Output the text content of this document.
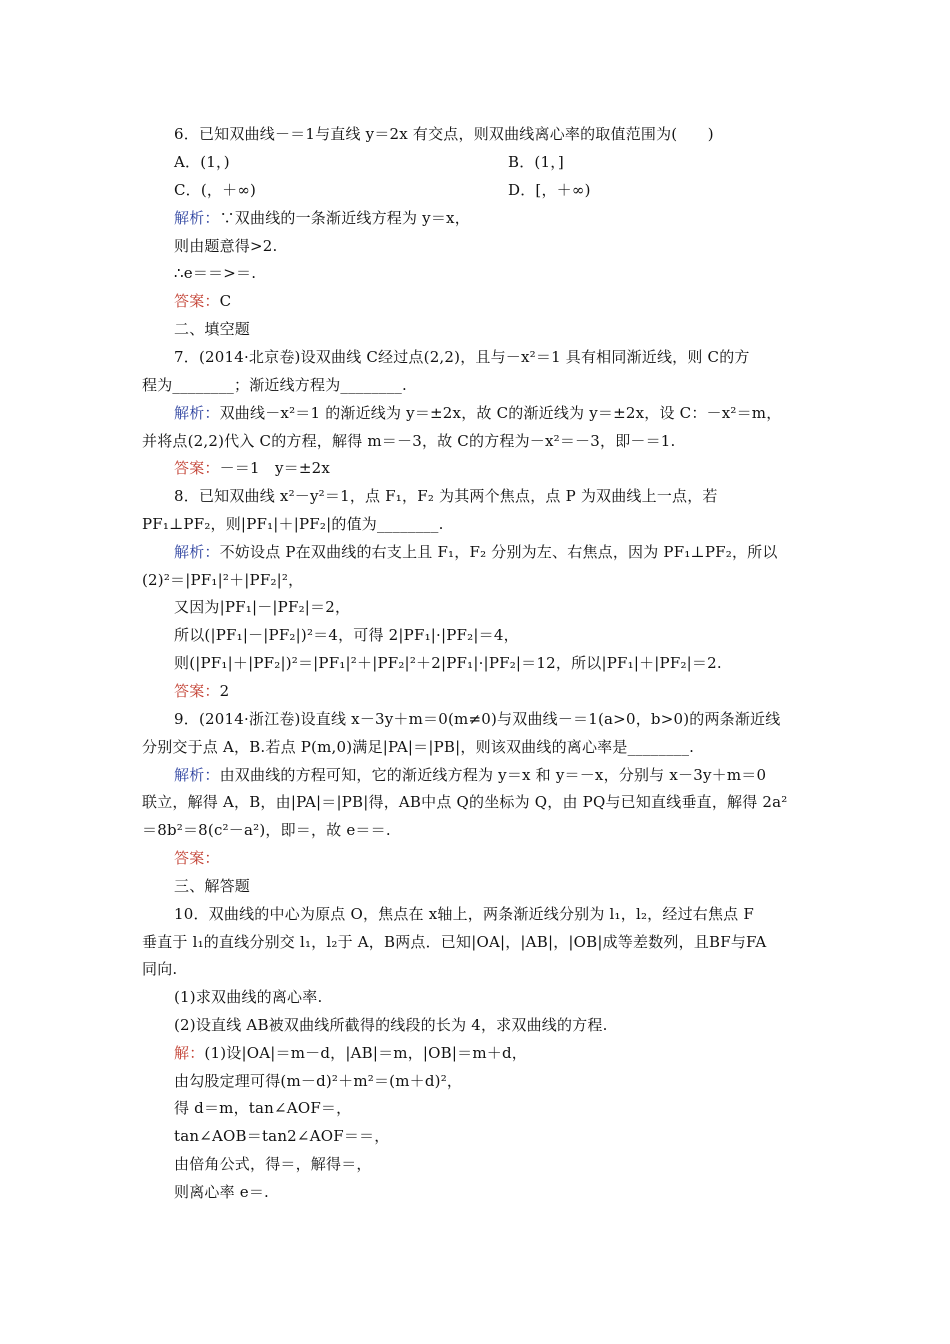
6．已知双曲线－＝1与直线 y＝2x 有交点，则双曲线离心率的取值范围为(　　)
A．(1，)	B．(1，]
C．(，＋∞)	D．[，＋∞)
解析：∵双曲线的一条渐近线方程为 y＝x，
则由题意得>2.
∴e＝＝>＝.
答案：C
二、填空题
7．(2014·北京卷)设双曲线 C经过点(2,2)，且与－x²＝1 具有相同渐近线，则 C的方
程为________；渐近线方程为________.
解析：双曲线－x²＝1 的渐近线为 y＝±2x，故 C的渐近线为 y＝±2x，设 C：－x²＝m，
并将点(2,2)代入 C的方程，解得 m＝－3，故 C的方程为－x²＝－3，即－＝1.
答案：－＝1　y＝±2x
8．已知双曲线 x²－y²＝1，点 F₁，F₂ 为其两个焦点，点 P 为双曲线上一点，若
PF₁⊥PF₂，则|PF₁|＋|PF₂|的值为________.
解析：不妨设点 P在双曲线的右支上且 F₁，F₂ 分别为左、右焦点，因为 PF₁⊥PF₂，所以
(2)²＝|PF₁|²＋|PF₂|²，
又因为|PF₁|－|PF₂|＝2，
所以(|PF₁|－|PF₂|)²＝4，可得 2|PF₁|·|PF₂|＝4，
则(|PF₁|＋|PF₂|)²＝|PF₁|²＋|PF₂|²＋2|PF₁|·|PF₂|＝12，所以|PF₁|＋|PF₂|＝2.
答案：2
9．(2014·浙江卷)设直线 x－3y＋m＝0(m≠0)与双曲线－＝1(a>0，b>0)的两条渐近线
分别交于点 A，B.若点 P(m,0)满足|PA|＝|PB|，则该双曲线的离心率是________.
解析：由双曲线的方程可知，它的渐近线方程为 y＝x 和 y＝－x，分别与 x－3y＋m＝0
联立，解得 A，B，由|PA|＝|PB|得，AB中点 Q的坐标为 Q，由 PQ与已知直线垂直，解得 2a²
＝8b²＝8(c²－a²)，即＝，故 e＝＝.
答案：
三、解答题
10．双曲线的中心为原点 O，焦点在 x轴上，两条渐近线分别为 l₁，l₂，经过右焦点 F
垂直于 l₁的直线分别交 l₁，l₂于 A，B两点．已知|OA|，|AB|，|OB|成等差数列，且BF与FA
同向.
(1)求双曲线的离心率.
(2)设直线 AB被双曲线所截得的线段的长为 4，求双曲线的方程.
解：(1)设|OA|＝m－d，|AB|＝m，|OB|＝m＋d，
由勾股定理可得(m－d)²＋m²＝(m＋d)²，
得 d＝m，tan∠AOF＝，
tan∠AOB＝tan2∠AOF＝＝，
由倍角公式，得＝，解得＝，
则离心率 e＝.
